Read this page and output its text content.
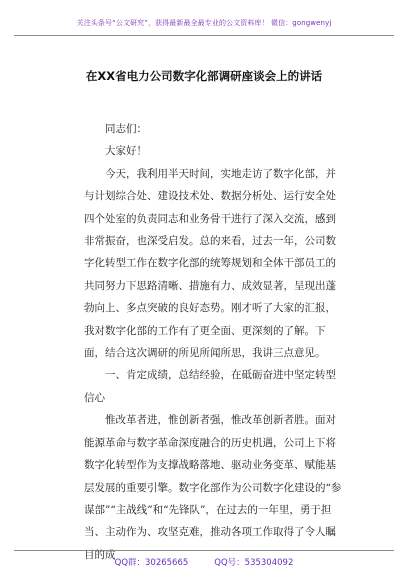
关注头条号“公文研究”，获得最新最全最专业的公文资料库！ 微信：gongwenyj
在XX省电力公司数字化部调研座谈会上的讲话

同志们：

大家好！

今天，我利用半天时间，实地走访了数字化部，并与计划综合处、建设技术处、数据分析处、运行安全处四个处室的负责同志和业务骨干进行了深入交流，感到非常振奋，也深受启发。总的来看，过去一年，公司数字化转型工作在数字化部的统筹规划和全体干部员工的共同努力下思路清晰、措施有力、成效显著，呈现出蓬勃向上、多点突破的良好态势。刚才听了大家的汇报，我对数字化部的工作有了更全面、更深刻的了解。下面，结合这次调研的所见所闻所思，我讲三点意见。

一、肯定成绩，总结经验，在砥砺奋进中坚定转型信心

惟改革者进，惟创新者强，惟改革创新者胜。面对能源革命与数字革命深度融合的历史机遇，公司上下将数字化转型作为支撑战略落地、驱动业务变革、赋能基层发展的重要引擎。数字化部作为公司数字化建设的“参谋部”“主战线”和“先锋队”，在过去的一年里，勇于担当、主动作为、攻坚克难，推动各项工作取得了令人瞩目的成

QQ群：30265665	QQ号：535304092
